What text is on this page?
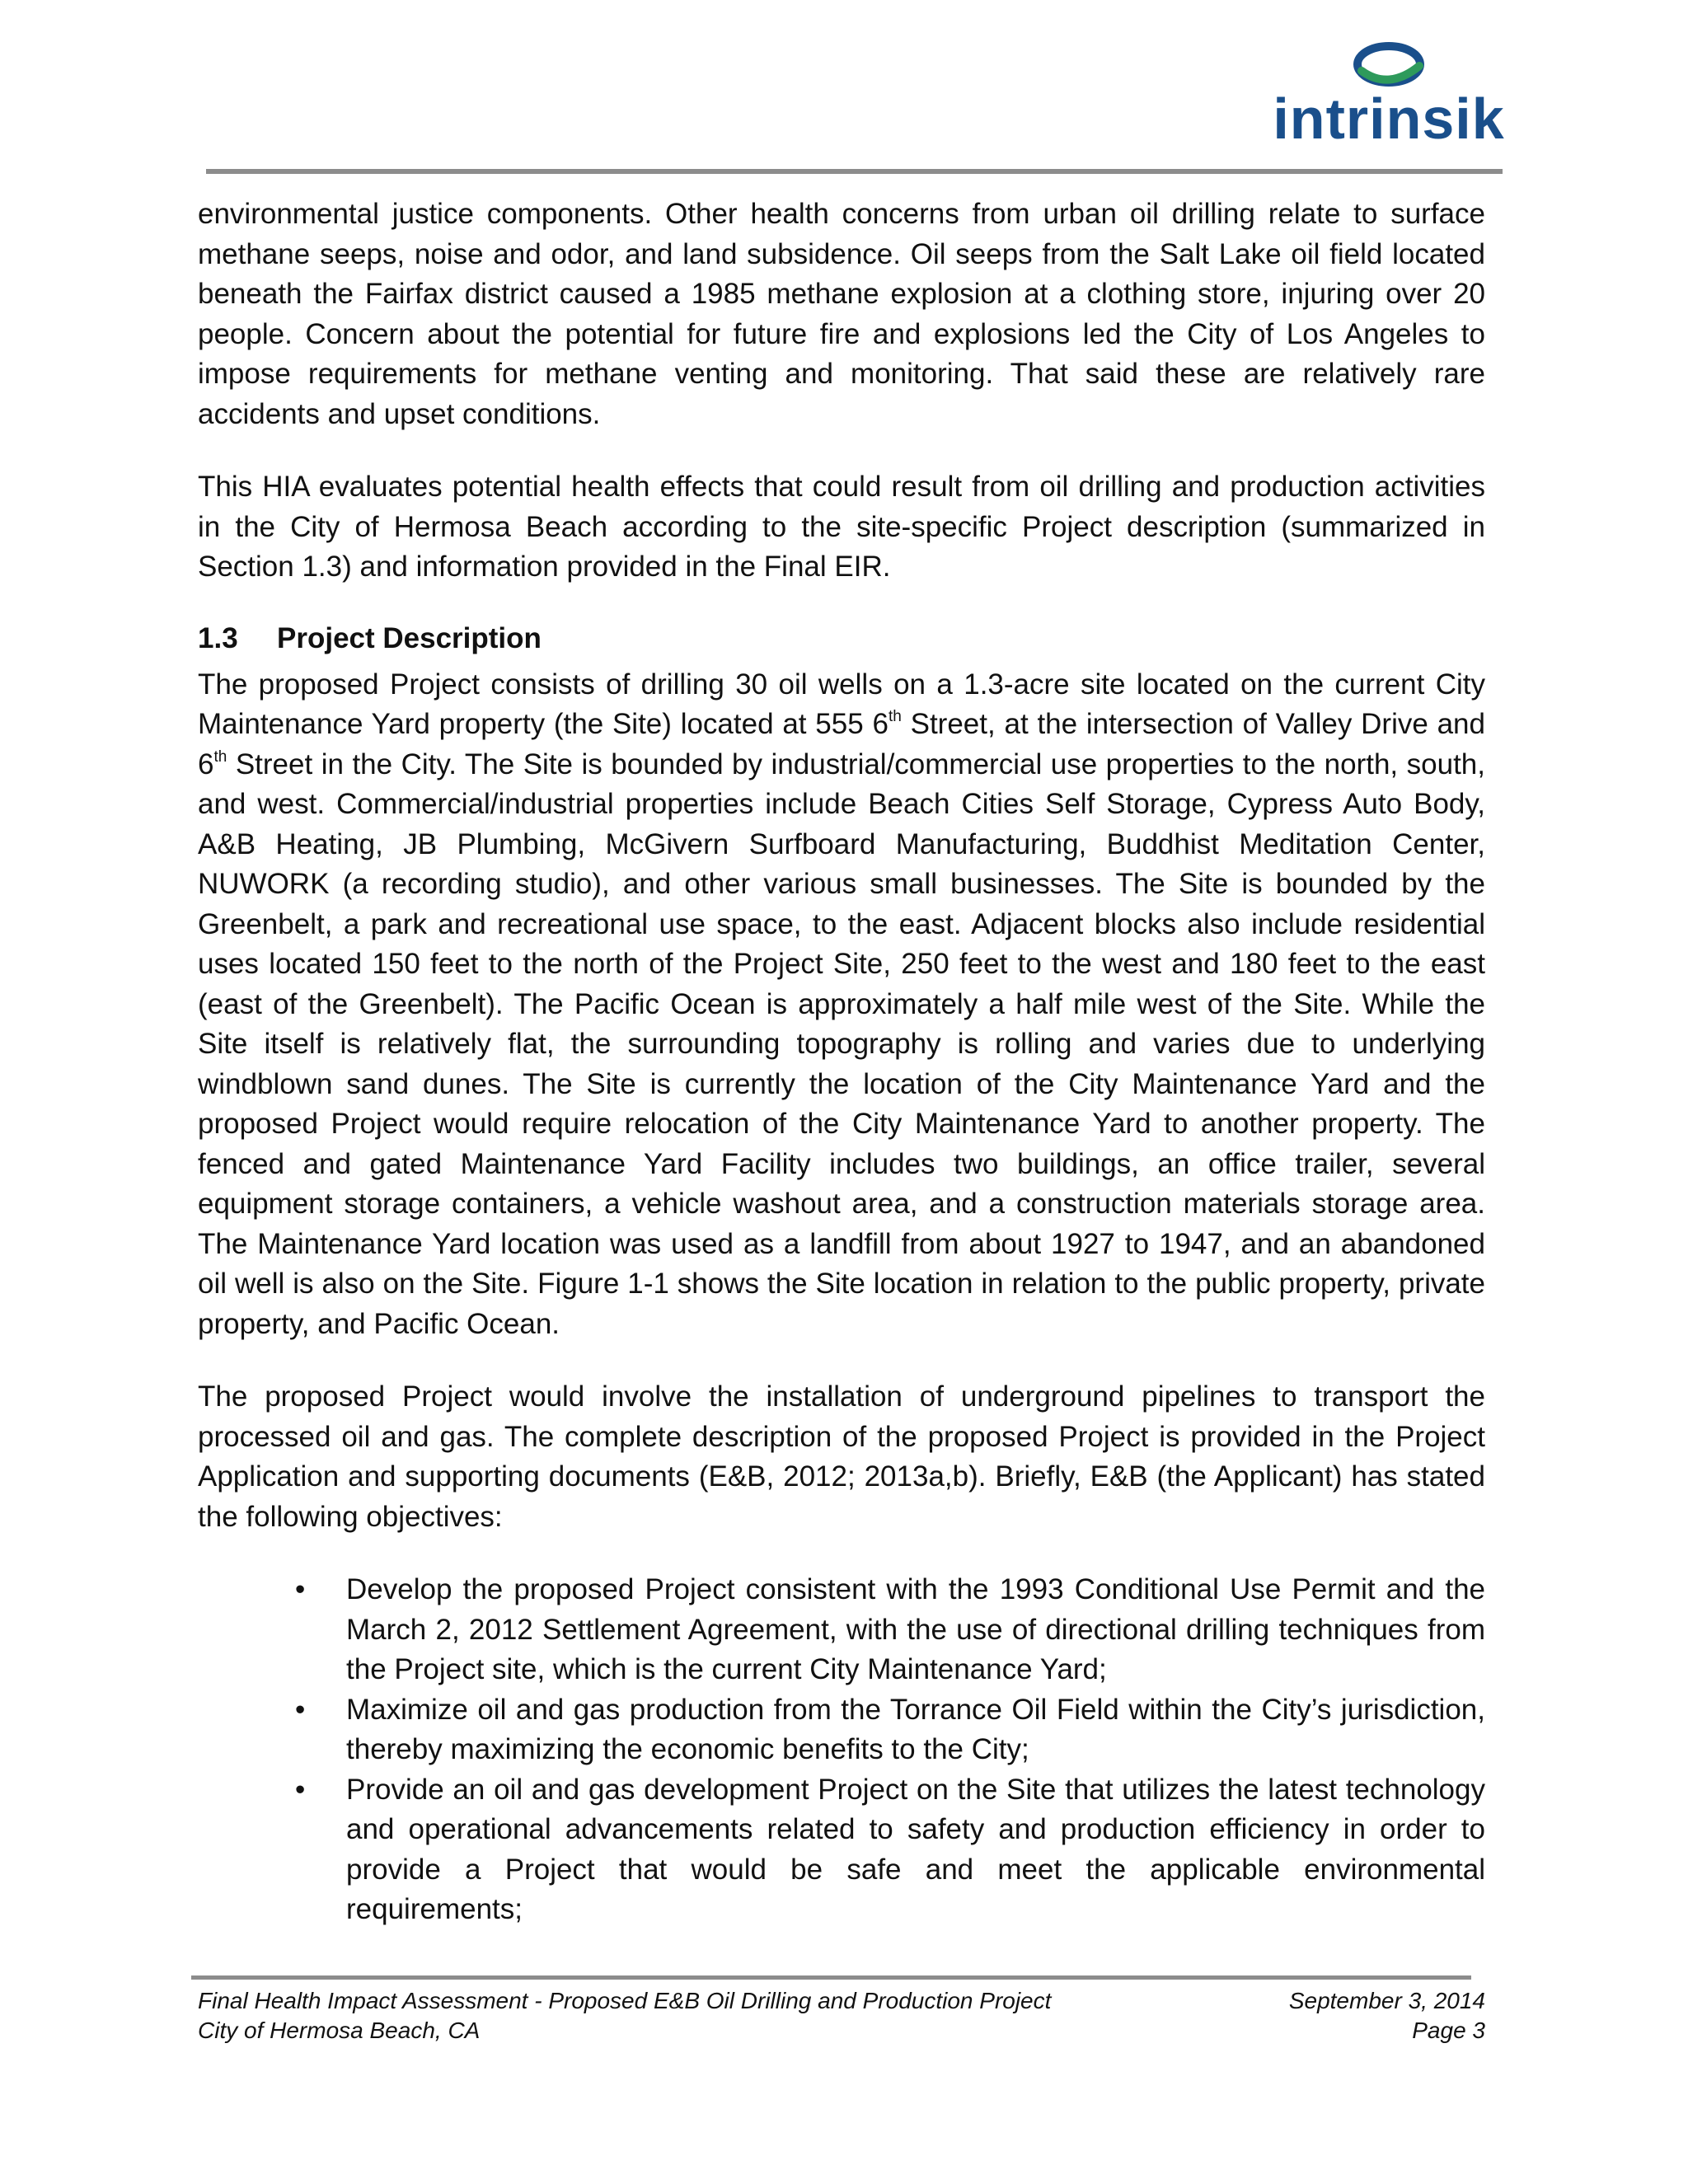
intrinsik

environmental justice components. Other health concerns from urban oil drilling relate to surface methane seeps, noise and odor, and land subsidence. Oil seeps from the Salt Lake oil field located beneath the Fairfax district caused a 1985 methane explosion at a clothing store, injuring over 20 people. Concern about the potential for future fire and explosions led the City of Los Angeles to impose requirements for methane venting and monitoring. That said these are relatively rare accidents and upset conditions.

This HIA evaluates potential health effects that could result from oil drilling and production activities in the City of Hermosa Beach according to the site-specific Project description (summarized in Section 1.3) and information provided in the Final EIR.

1.3 Project Description

The proposed Project consists of drilling 30 oil wells on a 1.3-acre site located on the current City Maintenance Yard property (the Site) located at 555 6th Street, at the intersection of Valley Drive and 6th Street in the City. The Site is bounded by industrial/commercial use properties to the north, south, and west. Commercial/industrial properties include Beach Cities Self Storage, Cypress Auto Body, A&B Heating, JB Plumbing, McGivern Surfboard Manufacturing, Buddhist Meditation Center, NUWORK (a recording studio), and other various small businesses. The Site is bounded by the Greenbelt, a park and recreational use space, to the east. Adjacent blocks also include residential uses located 150 feet to the north of the Project Site, 250 feet to the west and 180 feet to the east (east of the Greenbelt). The Pacific Ocean is approximately a half mile west of the Site. While the Site itself is relatively flat, the surrounding topography is rolling and varies due to underlying windblown sand dunes. The Site is currently the location of the City Maintenance Yard and the proposed Project would require relocation of the City Maintenance Yard to another property. The fenced and gated Maintenance Yard Facility includes two buildings, an office trailer, several equipment storage containers, a vehicle washout area, and a construction materials storage area. The Maintenance Yard location was used as a landfill from about 1927 to 1947, and an abandoned oil well is also on the Site. Figure 1-1 shows the Site location in relation to the public property, private property, and Pacific Ocean.

The proposed Project would involve the installation of underground pipelines to transport the processed oil and gas. The complete description of the proposed Project is provided in the Project Application and supporting documents (E&B, 2012; 2013a,b). Briefly, E&B (the Applicant) has stated the following objectives:

• Develop the proposed Project consistent with the 1993 Conditional Use Permit and the March 2, 2012 Settlement Agreement, with the use of directional drilling techniques from the Project site, which is the current City Maintenance Yard;
• Maximize oil and gas production from the Torrance Oil Field within the City’s jurisdiction, thereby maximizing the economic benefits to the City;
• Provide an oil and gas development Project on the Site that utilizes the latest technology and operational advancements related to safety and production efficiency in order to provide a Project that would be safe and meet the applicable environmental requirements;
Final Health Impact Assessment - Proposed E&B Oil Drilling and Production Project	September 3, 2014
City of Hermosa Beach, CA	Page 3
